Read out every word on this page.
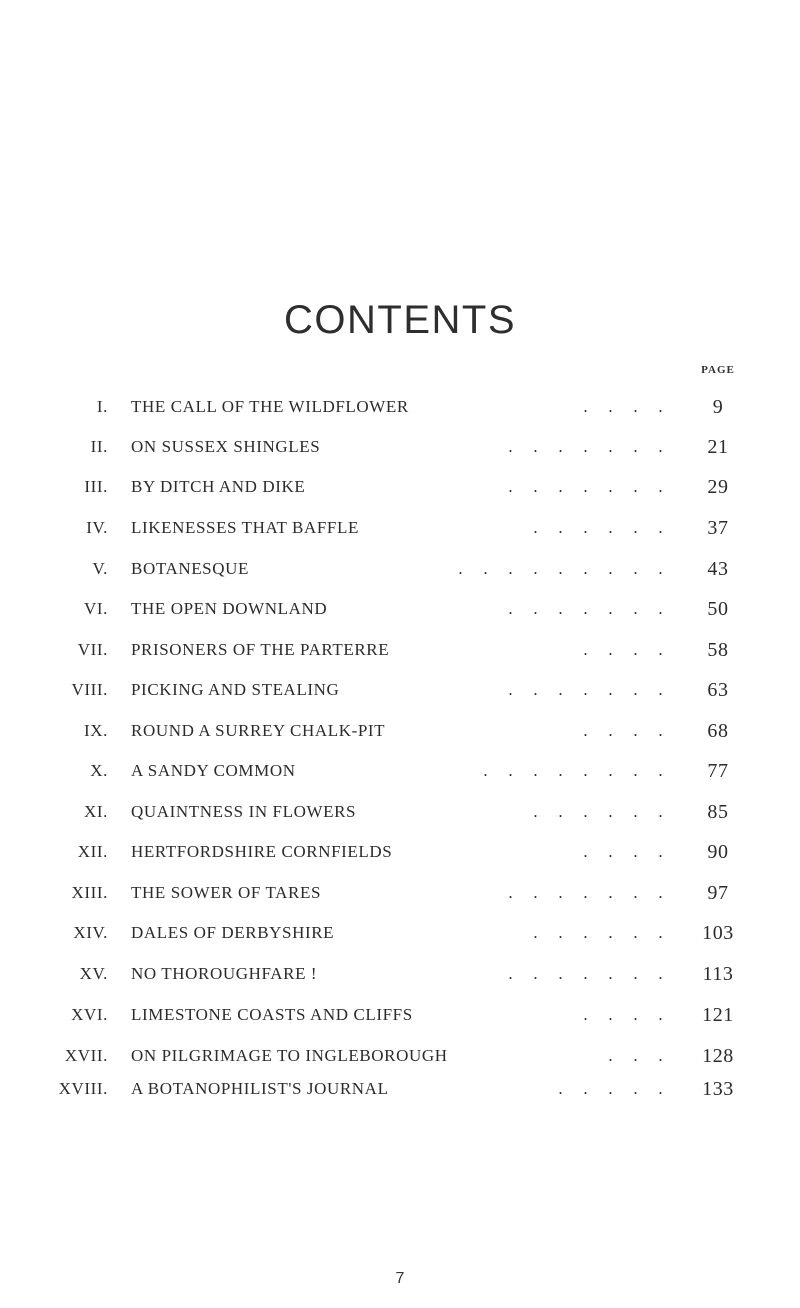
CONTENTS
PAGE
I. THE CALL OF THE WILDFLOWER	. . . .	9
II. ON SUSSEX SHINGLES	. . . . . . .	21
III. BY DITCH AND DIKE	. . . . . . .	29
IV. LIKENESSES THAT BAFFLE	. . . . . .	37
V. BOTANESQUE	. . . . . . . . .	43
VI. THE OPEN DOWNLAND	. . . . . . .	50
VII. PRISONERS OF THE PARTERRE	. . . .	58
VIII. PICKING AND STEALING	. . . . . . .	63
IX. ROUND A SURREY CHALK-PIT	. . . .	68
X. A SANDY COMMON	. . . . . . . .	77
XI. QUAINTNESS IN FLOWERS	. . . . . .	85
XII. HERTFORDSHIRE CORNFIELDS	. . . .	90
XIII. THE SOWER OF TARES	. . . . . . .	97
XIV. DALES OF DERBYSHIRE	. . . . . .	103
XV. NO THOROUGHFARE !	. . . . . . .	113
XVI. LIMESTONE COASTS AND CLIFFS	. . . .	121
XVII. ON PILGRIMAGE TO INGLEBOROUGH	. . .	128
XVIII. A BOTANOPHILIST'S JOURNAL	. . . . .	133
7
